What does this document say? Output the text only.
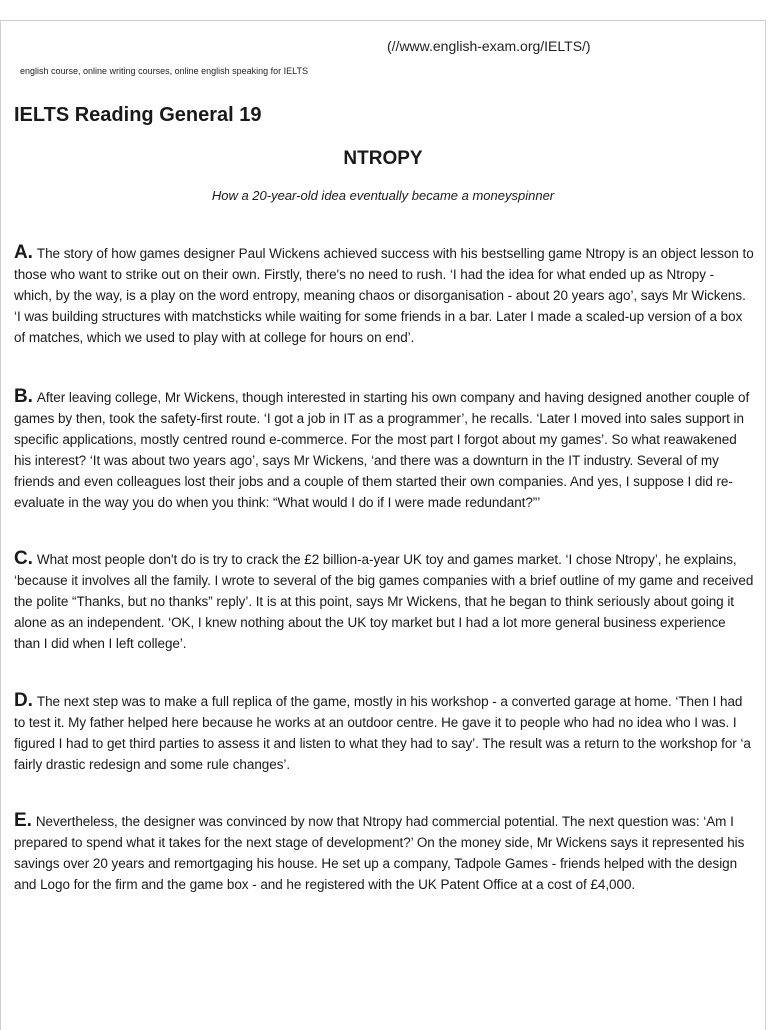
(//www.english-exam.org/IELTS/)
english course, online writing courses, online english speaking for IELTS
IELTS Reading General 19
NTROPY

How a 20-year-old idea eventually became a moneyspinner

A. The story of how games designer Paul Wickens achieved success with his bestselling game Ntropy is an object lesson to those who want to strike out on their own. Firstly, there's no need to rush. ‘I had the idea for what ended up as Ntropy - which, by the way, is a play on the word entropy, meaning chaos or disorganisation - about 20 years ago’, says Mr Wickens. ‘I was building structures with matchsticks while waiting for some friends in a bar. Later I made a scaled-up version of a box of matches, which we used to play with at college for hours on end’.

B. After leaving college, Mr Wickens, though interested in starting his own company and having designed another couple of games by then, took the safety-first route. ‘I got a job in IT as a programmer’, he recalls. ‘Later I moved into sales support in specific applications, mostly centred round e-commerce. For the most part I forgot about my games’. So what reawakened his interest? ‘It was about two years ago’, says Mr Wickens, ‘and there was a downturn in the IT industry. Several of my friends and even colleagues lost their jobs and a couple of them started their own companies. And yes, I suppose I did re-evaluate in the way you do when you think: “What would I do if I were made redundant?”’

C. What most people don't do is try to crack the £2 billion-a-year UK toy and games market. ‘I chose Ntropy’, he explains, ‘because it involves all the family. I wrote to several of the big games companies with a brief outline of my game and received the polite “Thanks, but no thanks” reply’. It is at this point, says Mr Wickens, that he began to think seriously about going it alone as an independent. ‘OK, I knew nothing about the UK toy market but I had a lot more general business experience than I did when I left college’.

D. The next step was to make a full replica of the game, mostly in his workshop - a converted garage at home. ‘Then I had to test it. My father helped here because he works at an outdoor centre. He gave it to people who had no idea who I was. I figured I had to get third parties to assess it and listen to what they had to say’. The result was a return to the workshop for ‘a fairly drastic redesign and some rule changes’.

E. Nevertheless, the designer was convinced by now that Ntropy had commercial potential. The next question was: ‘Am I prepared to spend what it takes for the next stage of development?’ On the money side, Mr Wickens says it represented his savings over 20 years and remortgaging his house. He set up a company, Tadpole Games - friends helped with the design and Logo for the firm and the game box - and he registered with the UK Patent Office at a cost of £4,000.
